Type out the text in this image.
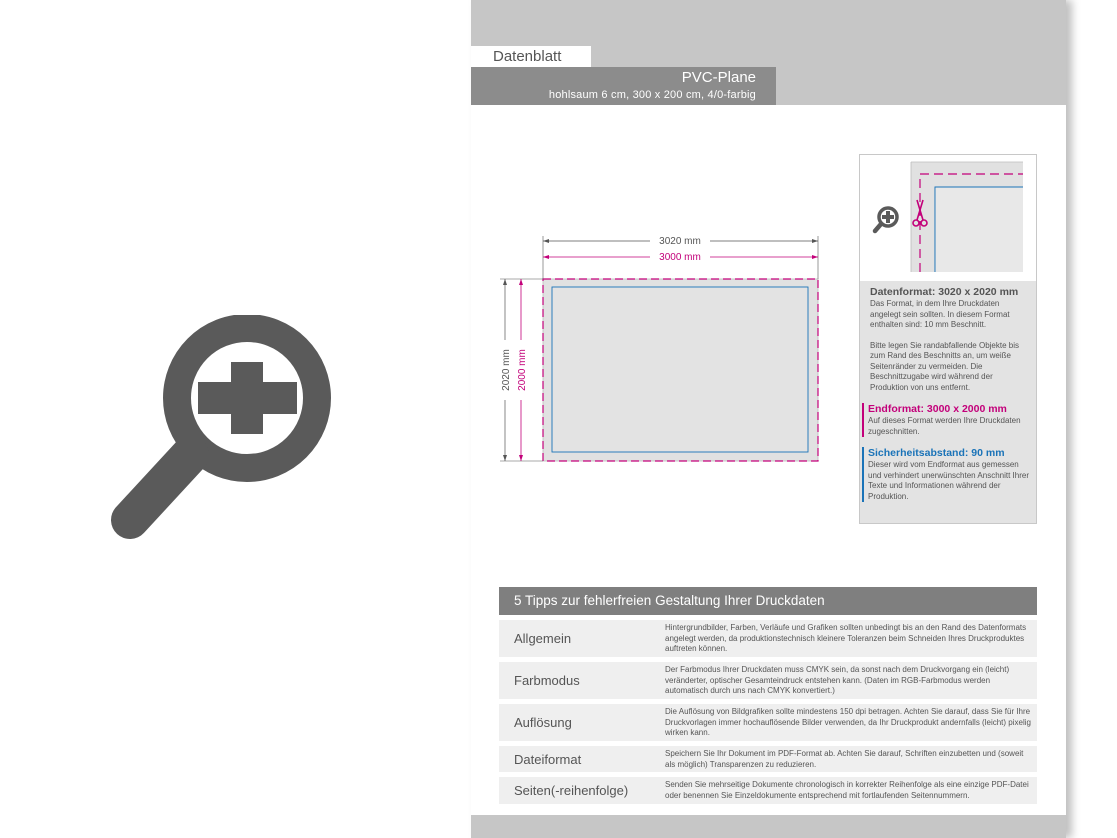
Datenblatt
PVC-Plane
hohlsaum 6 cm, 300 x 200 cm, 4/0-farbig
3020 mm
3000 mm
2020 mm 2000 mm
Datenformat: 3020 x 2020 mm
Das Format, in dem Ihre Druckdaten angelegt sein sollten. In diesem Format enthalten sind: 10 mm Beschnitt.
Bitte legen Sie randabfallende Objekte bis zum Rand des Beschnitts an, um weiße Seitenränder zu vermeiden. Die Beschnittzugabe wird während der Produktion von uns entfernt.
Endformat: 3000 x 2000 mm
Auf dieses Format werden Ihre Druckdaten zugeschnitten.
Sicherheitsabstand: 90 mm
Dieser wird vom Endformat aus gemessen und verhindert unerwünschten Anschnitt Ihrer Texte und Informationen während der Produktion.
5 Tipps zur fehlerfreien Gestaltung Ihrer Druckdaten
Allgemein
Hintergrundbilder, Farben, Verläufe und Grafiken sollten unbedingt bis an den Rand des Datenformats angelegt werden, da produktionstechnisch kleinere Toleranzen beim Schneiden Ihres Druckproduktes auftreten können.
Farbmodus
Der Farbmodus Ihrer Druckdaten muss CMYK sein, da sonst nach dem Druckvorgang ein (leicht) veränderter, optischer Gesamteindruck entstehen kann. (Daten im RGB-Farbmodus werden automatisch durch uns nach CMYK konvertiert.)
Auflösung
Die Auflösung von Bildgrafiken sollte mindestens 150 dpi betragen. Achten Sie darauf, dass Sie für Ihre Druckvorlagen immer hochauflösende Bilder verwenden, da Ihr Druckprodukt andernfalls (leicht) pixelig wirken kann.
Dateiformat	Speichern Sie Ihr Dokument im PDF-Format ab. Achten Sie darauf, Schriften einzubetten und (soweit als möglich) Transparenzen zu reduzieren.
Seiten(-reihenfolge)	Senden Sie mehrseitige Dokumente chronologisch in korrekter Reihenfolge als eine einzige PDF-Datei oder benennen Sie Einzeldokumente entsprechend mit fortlaufenden Seitennummern.
